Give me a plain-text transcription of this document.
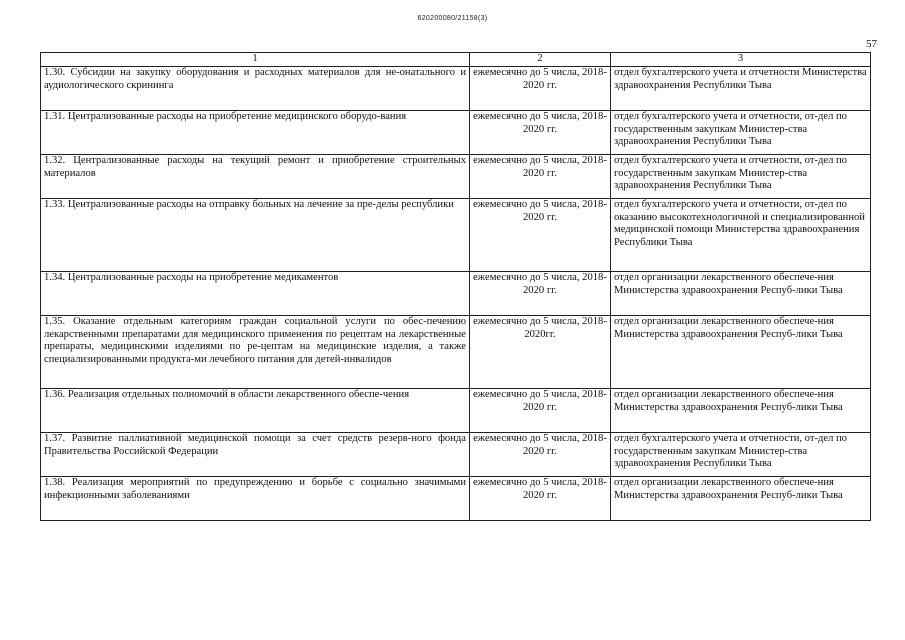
620200080/21158(3)
57
1	2	3
1.30. Субсидии на закупку оборудования и расходных материалов для не-онатального и аудиологического скрининга	ежемесячно до 5 числа, 2018-2020 гг.	отдел бухгалтерского учета и отчетности Министерства здравоохранения Республики Тыва
1.31. Централизованные расходы на приобретение медицинского оборудо-вания	ежемесячно до 5 числа, 2018-2020 гг.	отдел бухгалтерского учета и отчетности, от-дел по государственным закупкам Министер-ства здравоохранения Республики Тыва
1.32. Централизованные расходы на текущий ремонт и приобретение строительных материалов	ежемесячно до 5 числа, 2018-2020 гг.	отдел бухгалтерского учета и отчетности, от-дел по государственным закупкам Министер-ства здравоохранения Республики Тыва
1.33. Централизованные расходы на отправку больных на лечение за пре-делы республики	ежемесячно до 5 числа, 2018-2020 гг.	отдел бухгалтерского учета и отчетности, от-дел по оказанию высокотехнологичной и специализированной медицинской помощи Министерства здравоохранения Республики Тыва
1.34. Централизованные расходы на приобретение медикаментов	ежемесячно до 5 числа, 2018-2020 гг.	отдел организации лекарственного обеспече-ния Министерства здравоохранения Респуб-лики Тыва
1.35. Оказание отдельным категориям граждан социальной услуги по обес-печению лекарственными препаратами для медицинского применения по рецептам на лекарственные препараты, медицинскими изделиями по ре-цептам на медицинские изделия, а также специализированными продукта-ми лечебного питания для детей-инвалидов	ежемесячно до 5 числа, 2018-2020гг.	отдел организации лекарственного обеспече-ния Министерства здравоохранения Респуб-лики Тыва
1.36. Реализация отдельных полномочий в области лекарственного обеспе-чения	ежемесячно до 5 числа, 2018-2020 гг.	отдел организации лекарственного обеспече-ния Министерства здравоохранения Респуб-лики Тыва
1.37. Развитие паллиативной медицинской помощи за счет средств резерв-ного фонда Правительства Российской Федерации	ежемесячно до 5 числа, 2018-2020 гг.	отдел бухгалтерского учета и отчетности, от-дел по государственным закупкам Министер-ства здравоохранения Республики Тыва
1.38. Реализация мероприятий по предупреждению и борьбе с социально значимыми инфекционными заболеваниями	ежемесячно до 5 числа, 2018-2020 гг.	отдел организации лекарственного обеспече-ния Министерства здравоохранения Респуб-лики Тыва
